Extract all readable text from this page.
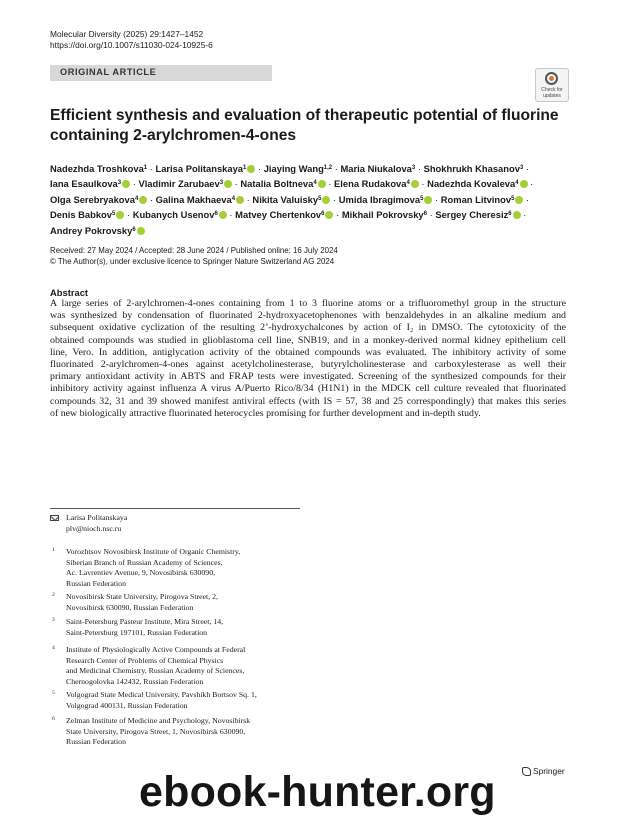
Molecular Diversity (2025) 29:1427–1452
https://doi.org/10.1007/s11030-024-10925-6
ORIGINAL ARTICLE
Check for
updates
Efficient synthesis and evaluation of therapeutic potential of fluorine
containing 2-arylchromen-4-ones
Nadezhda Troshkova$^1$ · Larisa Politanskaya$^1$ · Jiaying Wang$^{1,2}$ · Maria Niukalova$^3$ · Shokhrukh Khasanov$^3$ · Iana Esaulkova$^3$ · Vladimir Zarubaev$^3$ · Natalia Boltneva$^4$ · Elena Rudakova$^4$ · Nadezhda Kovaleva$^4$ · Olga Serebryakova$^4$ · Galina Makhaeva$^4$ · Nikita Valuisky$^5$ · Umida Ibragimova$^5$ · Roman Litvinov$^5$ · Denis Babkov$^5$ · Kubanych Usenov$^6$ · Matvey Chertenkov$^6$ · Mikhail Pokrovsky$^6$ · Sergey Cheresiz$^6$ · Andrey Pokrovsky$^6$
Received: 27 May 2024 / Accepted: 28 June 2024 / Published online: 16 July 2024
© The Author(s), under exclusive licence to Springer Nature Switzerland AG 2024
Abstract
A large series of 2-arylchromen-4-ones containing from 1 to 3 fluorine atoms or a trifluoromethyl group in the structure
was synthesized by condensation of fluorinated 2-hydroxyacetophenones with benzaldehydes in an alkaline medium and
subsequent oxidative cyclization of the resulting 2’-hydroxychalcones by action of I₂ in DMSO. The cytotoxicity of the
obtained compounds was studied in glioblastoma cell line, SNB19, and in a monkey-derived normal kidney epithelium cell
line, Vero. In addition, antiglycation activity of the obtained compounds was evaluated. The inhibitory activity of some
fluorinated 2-arylchromen-4-ones against acetylcholinesterase, butyrylcholinesterase and carboxylesterase as well their
primary antioxidant activity in ABTS and FRAP tests were investigated. Screening of the synthesized compounds for their
inhibitory activity against influenza A virus A/Puerto Rico/8/34 (H1N1) in the MDCK cell culture revealed that fluorinated
compounds 32, 31 and 39 showed manifest antiviral effects (with IS = 57, 38 and 25 correspondingly) that makes this series
of new biologically attractive fluorinated heterocycles promising for further development and in-depth study.
Larisa Politanskaya
plv@nioch.nsc.ru
1 Vorozhtsov Novosibirsk Institute of Organic Chemistry,
Siberian Branch of Russian Academy of Sciences,
Ac. Lavrentiev Avenue, 9, Novosibirsk 630090,
Russian Federation
2 Novosibirsk State University, Pirogova Street, 2,
Novosibirsk 630090, Russian Federation
3 Saint-Petersburg Pasteur Institute, Mira Street, 14,
Saint-Petersburg 197101, Russian Federation
4 Institute of Physiologically Active Compounds at Federal
Research Center of Problems of Chemical Physics
and Medicinal Chemistry, Russian Academy of Sciences,
Chernogolovka 142432, Russian Federation
5 Volgograd State Medical University, Pavshikh Bortsov Sq. 1,
Volgograd 400131, Russian Federation
6 Zelman Institute of Medicine and Psychology, Novosibirsk
State University, Pirogova Street, 1, Novosibirsk 630090,
Russian Federation
Springer
ebook-hunter.org
